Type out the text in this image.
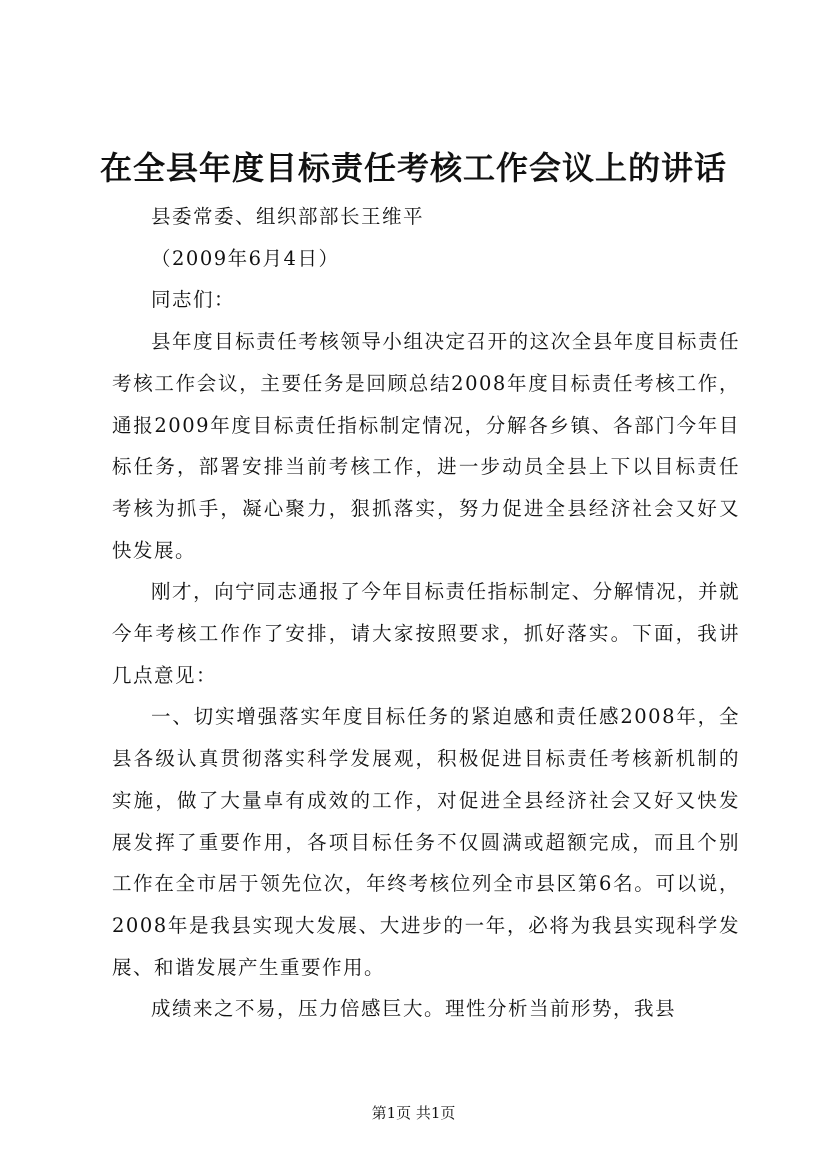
在全县年度目标责任考核工作会议上的讲话

县委常委、组织部部长王维平

（2009年6月4日）

同志们：

县年度目标责任考核领导小组决定召开的这次全县年度目标责任考核工作会议，主要任务是回顾总结2008年度目标责任考核工作，通报2009年度目标责任指标制定情况，分解各乡镇、各部门今年目标任务，部署安排当前考核工作，进一步动员全县上下以目标责任考核为抓手，凝心聚力，狠抓落实，努力促进全县经济社会又好又快发展。

刚才，向宁同志通报了今年目标责任指标制定、分解情况，并就今年考核工作作了安排，请大家按照要求，抓好落实。下面，我讲几点意见：

一、切实增强落实年度目标任务的紧迫感和责任感2008年，全县各级认真贯彻落实科学发展观，积极促进目标责任考核新机制的实施，做了大量卓有成效的工作，对促进全县经济社会又好又快发展发挥了重要作用，各项目标任务不仅圆满或超额完成，而且个别工作在全市居于领先位次，年终考核位列全市县区第6名。可以说，2008年是我县实现大发展、大进步的一年，必将为我县实现科学发展、和谐发展产生重要作用。

成绩来之不易，压力倍感巨大。理性分析当前形势，我县

第1页 共1页
